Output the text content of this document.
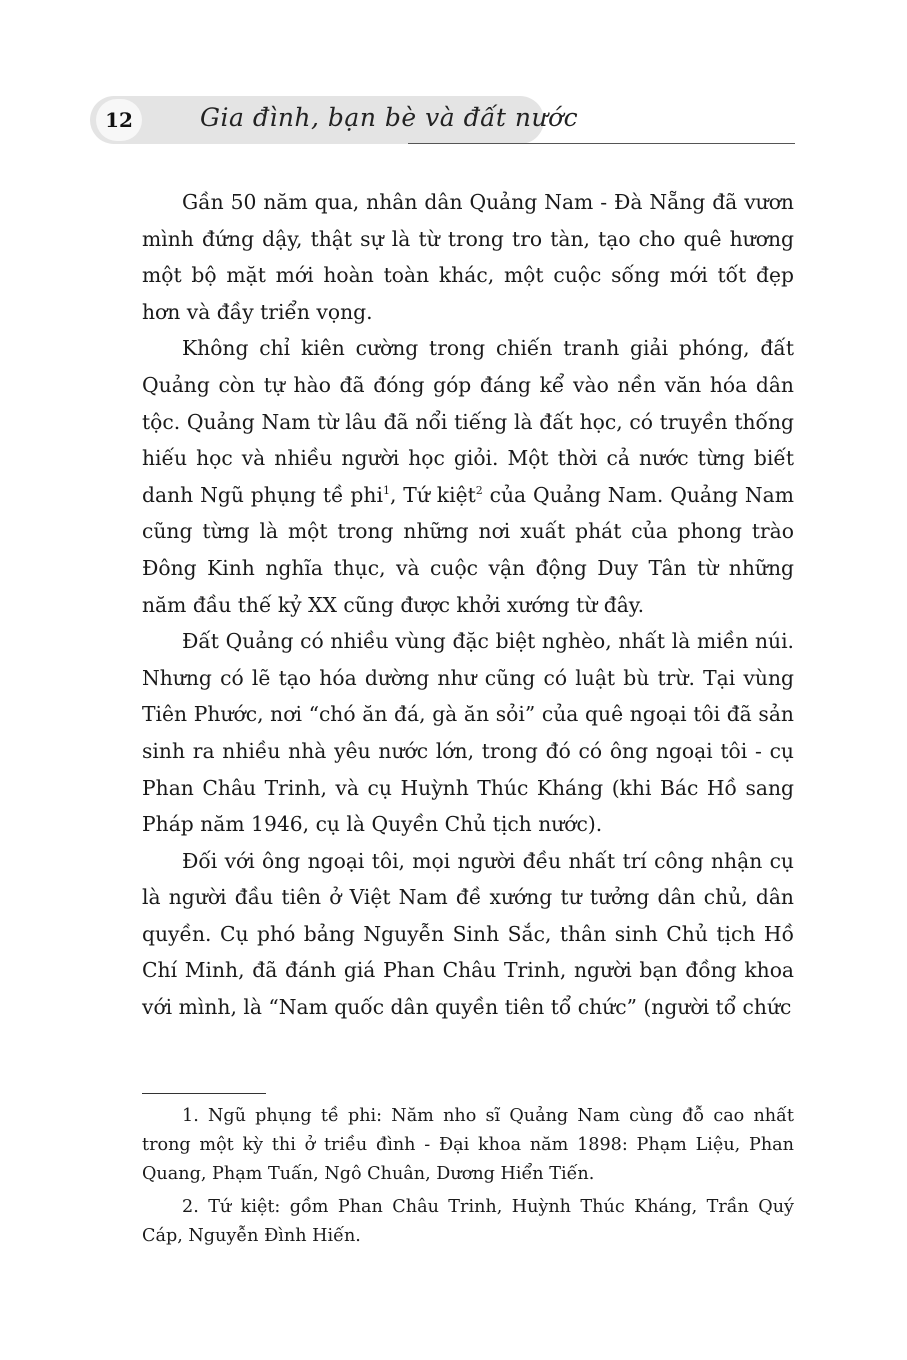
12	Gia đình, bạn bè và đất nước

Gần 50 năm qua, nhân dân Quảng Nam - Đà Nẵng đã vươn mình đứng dậy, thật sự là từ trong tro tàn, tạo cho quê hương một bộ mặt mới hoàn toàn khác, một cuộc sống mới tốt đẹp hơn và đầy triển vọng.

Không chỉ kiên cường trong chiến tranh giải phóng, đất Quảng còn tự hào đã đóng góp đáng kể vào nền văn hóa dân tộc. Quảng Nam từ lâu đã nổi tiếng là đất học, có truyền thống hiếu học và nhiều người học giỏi. Một thời cả nước từng biết danh Ngũ phụng tề phi$^1$, Tứ kiệt$^2$ của Quảng Nam. Quảng Nam cũng từng là một trong những nơi xuất phát của phong trào Đông Kinh nghĩa thục, và cuộc vận động Duy Tân từ những năm đầu thế kỷ XX cũng được khởi xướng từ đây.

Đất Quảng có nhiều vùng đặc biệt nghèo, nhất là miền núi. Nhưng có lẽ tạo hóa dường như cũng có luật bù trừ. Tại vùng Tiên Phước, nơi “chó ăn đá, gà ăn sỏi” của quê ngoại tôi đã sản sinh ra nhiều nhà yêu nước lớn, trong đó có ông ngoại tôi - cụ Phan Châu Trinh, và cụ Huỳnh Thúc Kháng (khi Bác Hồ sang Pháp năm 1946, cụ là Quyền Chủ tịch nước).

Đối với ông ngoại tôi, mọi người đều nhất trí công nhận cụ là người đầu tiên ở Việt Nam đề xướng tư tưởng dân chủ, dân quyền. Cụ phó bảng Nguyễn Sinh Sắc, thân sinh Chủ tịch Hồ Chí Minh, đã đánh giá Phan Châu Trinh, người bạn đồng khoa với mình, là “Nam quốc dân quyền tiên tổ chức” (người tổ chức

1. Ngũ phụng tề phi: Năm nho sĩ Quảng Nam cùng đỗ cao nhất trong một kỳ thi ở triều đình - Đại khoa năm 1898: Phạm Liệu, Phan Quang, Phạm Tuấn, Ngô Chuân, Dương Hiển Tiến.

2. Tứ kiệt: gồm Phan Châu Trinh, Huỳnh Thúc Kháng, Trần Quý Cáp, Nguyễn Đình Hiến.
